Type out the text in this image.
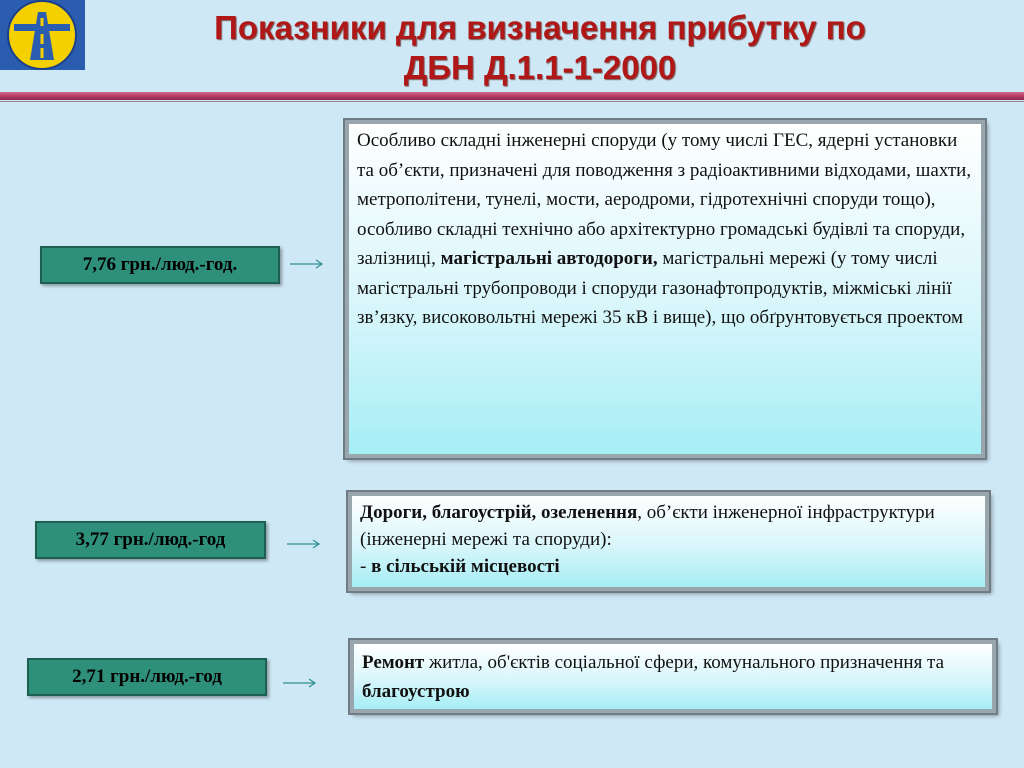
Показники для визначення прибутку по
ДБН Д.1.1-1-2000
7,76 грн./люд.-год.
Особливо складні інженерні споруди (у тому числі ГЕС, ядерні установки та об’єкти, призначені для поводження з радіоактивними відходами, шахти, метрополітени, тунелі, мости, аеродроми, гідротехнічні споруди тощо), особливо складні технічно або архітектурно громадські будівлі та споруди, залізниці, магістральні автодороги, магістральні мережі (у тому числі магістральні трубопроводи і споруди газонафтопродуктів, міжміські лінії зв’язку, високовольтні мережі 35 кВ і вище), що обґрунтовується проектом
3,77 грн./люд.-год
Дороги, благоустрій, озеленення, об’єкти інженерної інфраструктури (інженерні мережі та споруди):
- в сільській місцевості
2,71 грн./люд.-год
Ремонт житла, об'єктів соціальної сфери, комунального призначення та благоустрою
